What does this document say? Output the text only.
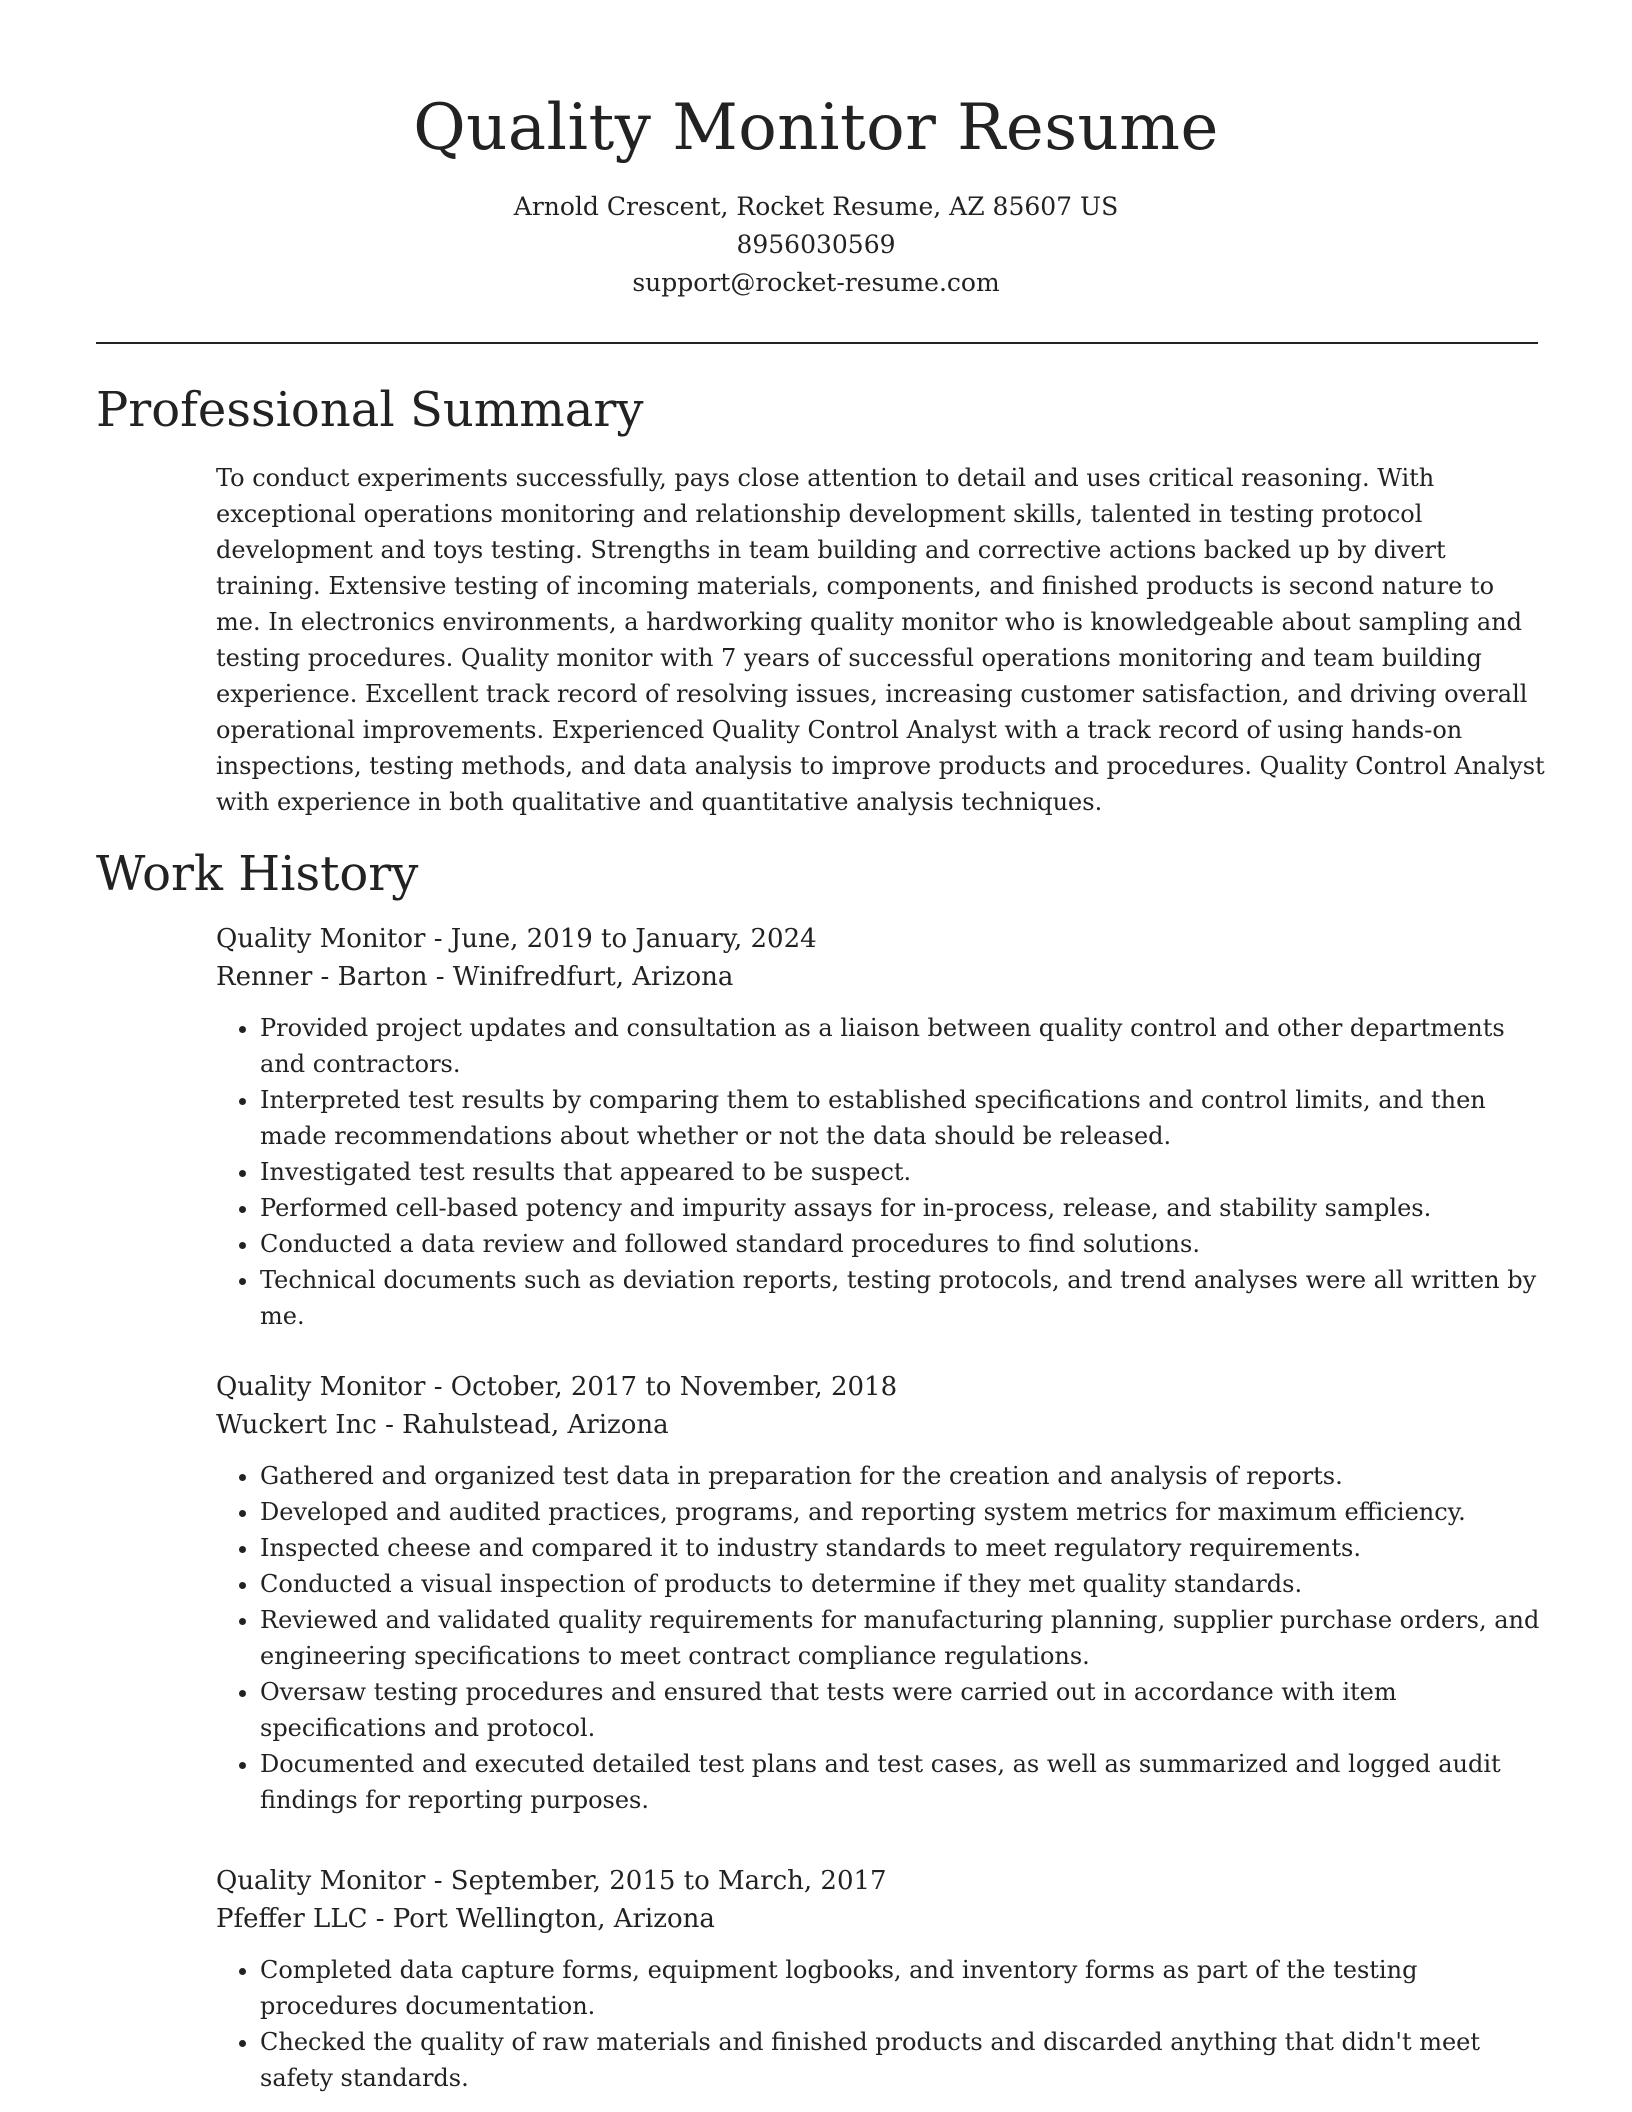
Quality Monitor Resume
Arnold Crescent, Rocket Resume, AZ 85607 US
8956030569
support@rocket-resume.com
Professional Summary

To conduct experiments successfully, pays close attention to detail and uses critical reasoning. With exceptional operations monitoring and relationship development skills, talented in testing protocol development and toys testing. Strengths in team building and corrective actions backed up by divert training. Extensive testing of incoming materials, components, and finished products is second nature to me. In electronics environments, a hardworking quality monitor who is knowledgeable about sampling and testing procedures. Quality monitor with 7 years of successful operations monitoring and team building experience. Excellent track record of resolving issues, increasing customer satisfaction, and driving overall operational improvements. Experienced Quality Control Analyst with a track record of using hands-on inspections, testing methods, and data analysis to improve products and procedures. Quality Control Analyst with experience in both qualitative and quantitative analysis techniques.

Work History
Quality Monitor - June, 2019 to January, 2024
Renner - Barton - Winifredfurt, Arizona
• Provided project updates and consultation as a liaison between quality control and other departments and contractors.
• Interpreted test results by comparing them to established specifications and control limits, and then made recommendations about whether or not the data should be released.
• Investigated test results that appeared to be suspect.
• Performed cell-based potency and impurity assays for in-process, release, and stability samples.
• Conducted a data review and followed standard procedures to find solutions.
• Technical documents such as deviation reports, testing protocols, and trend analyses were all written by me.
Quality Monitor - October, 2017 to November, 2018
Wuckert Inc - Rahulstead, Arizona
• Gathered and organized test data in preparation for the creation and analysis of reports.
• Developed and audited practices, programs, and reporting system metrics for maximum efficiency.
• Inspected cheese and compared it to industry standards to meet regulatory requirements.
• Conducted a visual inspection of products to determine if they met quality standards.
• Reviewed and validated quality requirements for manufacturing planning, supplier purchase orders, and engineering specifications to meet contract compliance regulations.
• Oversaw testing procedures and ensured that tests were carried out in accordance with item specifications and protocol.
• Documented and executed detailed test plans and test cases, as well as summarized and logged audit findings for reporting purposes.
Quality Monitor - September, 2015 to March, 2017
Pfeffer LLC - Port Wellington, Arizona
• Completed data capture forms, equipment logbooks, and inventory forms as part of the testing procedures documentation.
• Checked the quality of raw materials and finished products and discarded anything that didn't meet safety standards.
